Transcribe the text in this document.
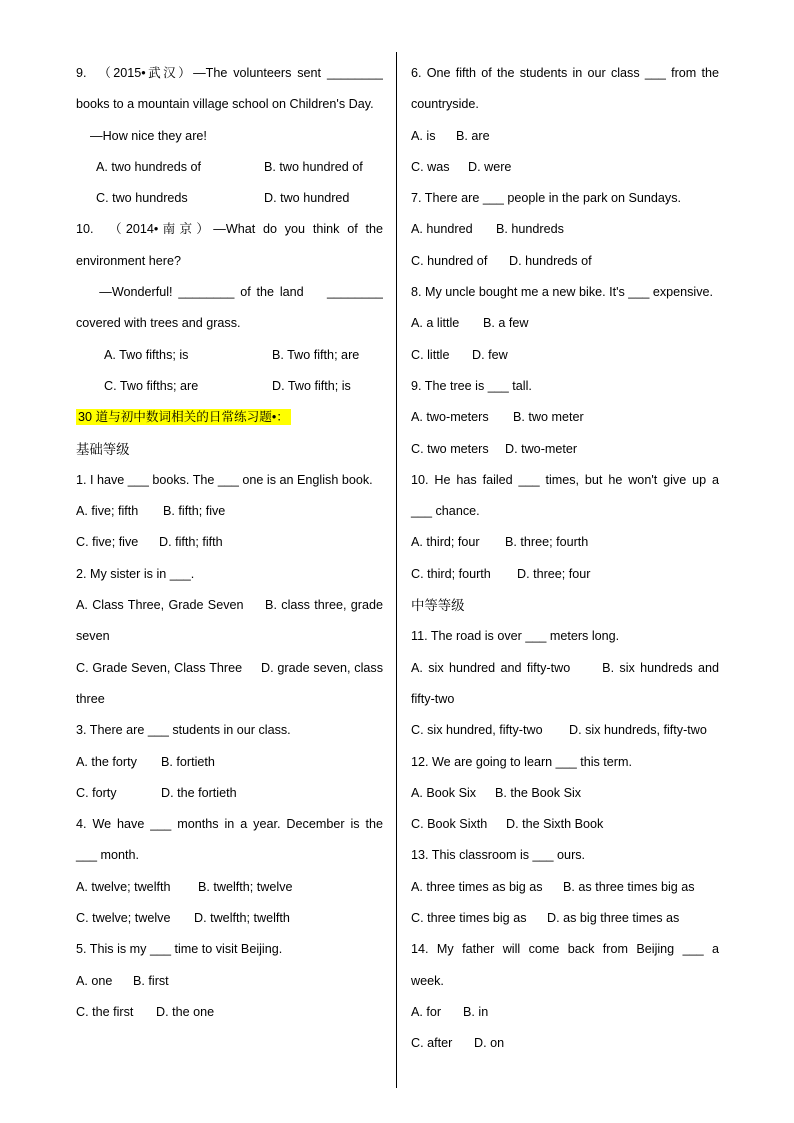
9.  （2015•武汉）—The volunteers sent ________
books to a mountain village school on Children's Day.
—How nice they are!
A. two hundreds of	B. two hundred of
C. two hundreds	D. two hundred
10.  （2014•南京）—What do you think of the
environment here?
—Wonderful! ________ of the land    ________
covered with trees and grass.
A. Two fifths; is	B. Two fifth; are
C. Two fifths; are	D. Two fifth; is
30 道与初中数词相关的日常练习题•：
基础等级
1. I have ___ books. The ___ one is an English book.
A. five; fifth B. fifth; five
C. five; five D. fifth; fifth
2. My sister is in ___.
A. Class Three, Grade Seven     B. class three, grade
seven
C. Grade Seven, Class Three     D. grade seven, class
three
3. There are ___ students in our class.
A. the forty B. fortieth
C. forty	D. the fortieth
4. We have ___ months in a year. December is the
___ month.
A. twelve; twelfth B. twelfth; twelve
C. twelve; twelve D. twelfth; twelfth
5. This is my ___ time to visit Beijing.
A. one B. first
C. the first D. the one
6. One fifth of the students in our class ___ from the
countryside.
A. is B. are
C. was D. were
7. There are ___ people in the park on Sundays.
A. hundred B. hundreds
C. hundred of D. hundreds of
8. My uncle bought me a new bike. It's ___ expensive.
A. a little B. a few
C. little D. few
9. The tree is ___ tall.
A. two-meters B. two meter
C. two meters D. two-meter
10. He has failed ___ times, but he won't give up a
___ chance.
A. third; four B. three; fourth
C. third; fourth D. three; four
中等等级
11. The road is over ___ meters long.
A. six hundred and fifty-two      B. six hundreds and
fifty-two
C. six hundred, fifty-two D. six hundreds, fifty-two
12. We are going to learn ___ this term.
A. Book Six B. the Book Six
C. Book Sixth D. the Sixth Book
13. This classroom is ___ ours.
A. three times as big as B. as three times big as
C. three times big as D. as big three times as
14. My father will come back from Beijing ___ a
week.
A. for B. in
C. after D. on
